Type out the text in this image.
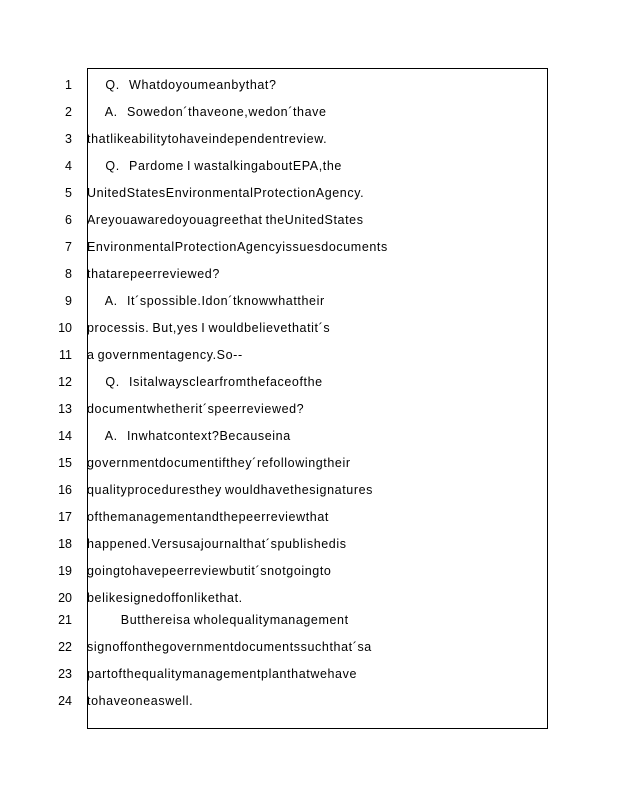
1 Q.   Whatdoyoumeanbythat?
2 A.   Sowedon´thaveone,wedon´thave
3 thatlikeabilitytohaveindependentreview.
4 Q.   Pardome I wastalkingaboutEPA,the
5 UnitedStatesEnvironmentalProtectionAgency.
6 Areyouawaredoyouagreethat theUnitedStates
7 EnvironmentalProtectionAgencyissuesdocuments
8 thatarepeerreviewed?
9 A.   It´spossible.Idon´tknowwhattheir
10 processis. But,yes I wouldbelievethatit´s
11 a governmentagency.So--
12 Q.   Isitalwaysclearfromthefaceofthe
13 documentwhetherit´speerreviewed?
14 A.   Inwhatcontext?Becauseina
15 governmentdocumentifthey´refollowingtheir
16 qualityproceduresthey wouldhavethesignatures
17 ofthemanagementandthepeerreviewthat
18 happened.Versusajournalthat´spublishedis
19 goingtohavepeerreviewbutit´snotgoingto
20 belikesignedoffonlikethat.
21 Butthereisa wholequalitymanagement
22 signoffonthegovernmentdocumentssuchthat´sa
23 partofthequalitymanagementplanthatwehave
24 tohaveoneaswell.
